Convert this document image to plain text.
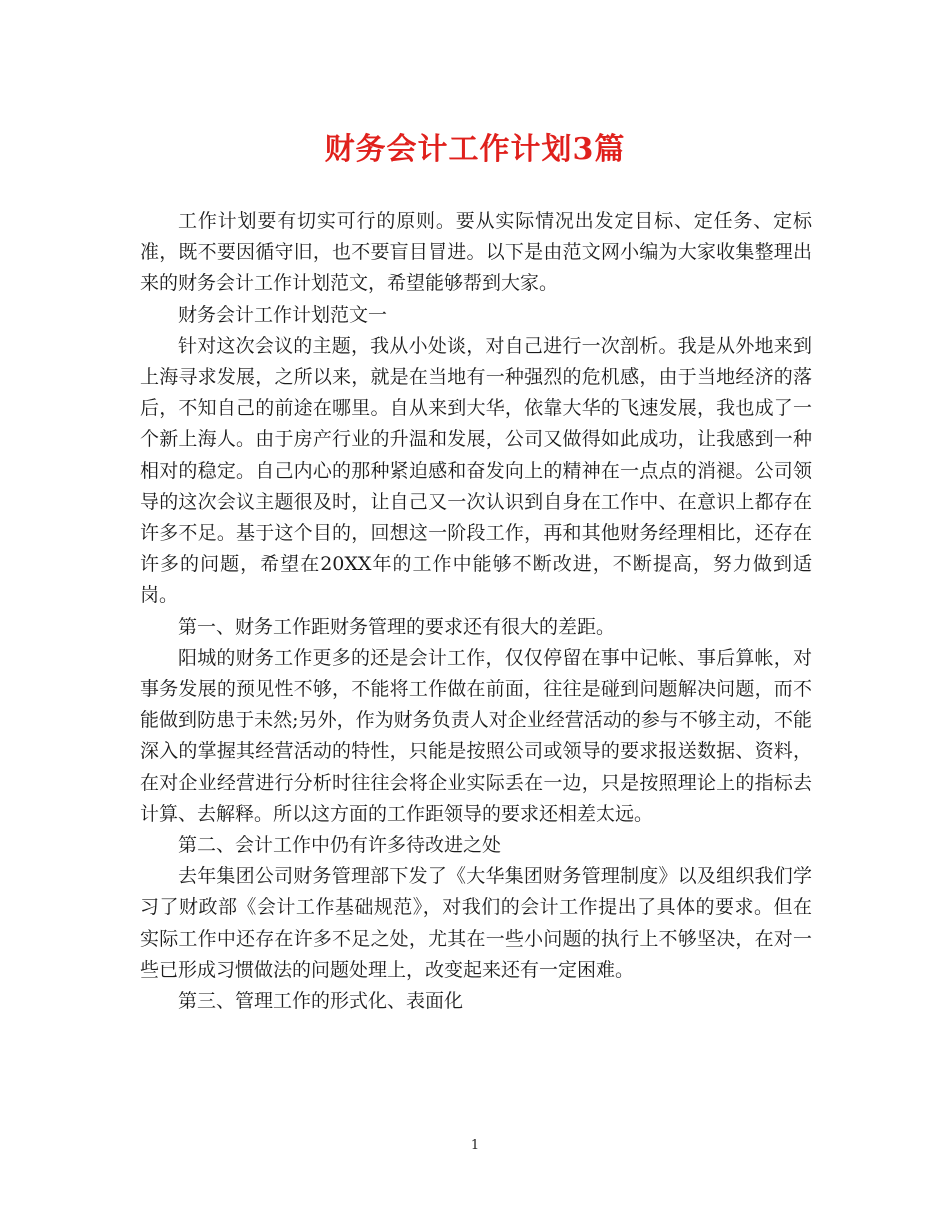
财务会计工作计划3篇

工作计划要有切实可行的原则。要从实际情况出发定目标、定任务、定标准，既不要因循守旧，也不要盲目冒进。以下是由范文网小编为大家收集整理出来的财务会计工作计划范文，希望能够帮到大家。

财务会计工作计划范文一

针对这次会议的主题，我从小处谈，对自己进行一次剖析。我是从外地来到上海寻求发展，之所以来，就是在当地有一种强烈的危机感，由于当地经济的落后，不知自己的前途在哪里。自从来到大华，依靠大华的飞速发展，我也成了一个新上海人。由于房产行业的升温和发展，公司又做得如此成功，让我感到一种相对的稳定。自己内心的那种紧迫感和奋发向上的精神在一点点的消褪。公司领导的这次会议主题很及时，让自己又一次认识到自身在工作中、在意识上都存在许多不足。基于这个目的，回想这一阶段工作，再和其他财务经理相比，还存在许多的问题，希望在20XX年的工作中能够不断改进，不断提高，努力做到适岗。

第一、财务工作距财务管理的要求还有很大的差距。

阳城的财务工作更多的还是会计工作，仅仅停留在事中记帐、事后算帐，对事务发展的预见性不够，不能将工作做在前面，往往是碰到问题解决问题，而不能做到防患于未然;另外，作为财务负责人对企业经营活动的参与不够主动，不能深入的掌握其经营活动的特性，只能是按照公司或领导的要求报送数据、资料，在对企业经营进行分析时往往会将企业实际丢在一边，只是按照理论上的指标去计算、去解释。所以这方面的工作距领导的要求还相差太远。

第二、会计工作中仍有许多待改进之处

去年集团公司财务管理部下发了《大华集团财务管理制度》以及组织我们学习了财政部《会计工作基础规范》，对我们的会计工作提出了具体的要求。但在实际工作中还存在许多不足之处，尤其在一些小问题的执行上不够坚决，在对一些已形成习惯做法的问题处理上，改变起来还有一定困难。

第三、管理工作的形式化、表面化

1
